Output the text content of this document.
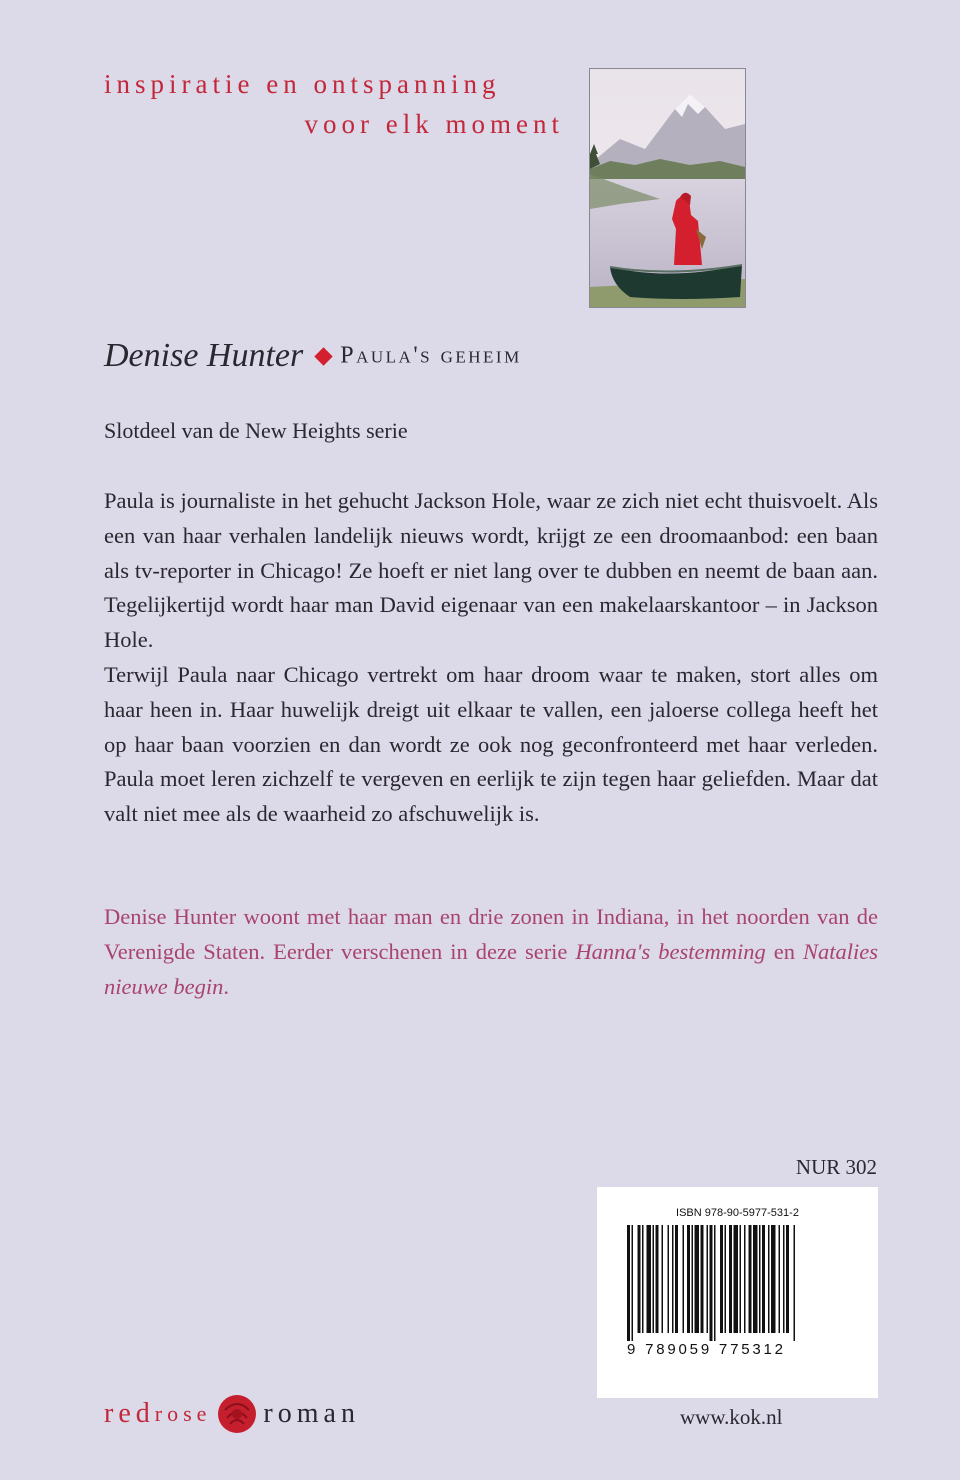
inspiratie en ontspanning
voor elk moment
Denise Hunter Paula's geheim
Slotdeel van de New Heights serie

Paula is journaliste in het gehucht Jackson Hole, waar ze zich niet echt thuisvoelt. Als een van haar verhalen landelijk nieuws wordt, krijgt ze een droomaanbod: een baan als tv-reporter in Chicago! Ze hoeft er niet lang over te dubben en neemt de baan aan. Tegelijkertijd wordt haar man David eigenaar van een makelaarskantoor – in Jackson Hole.

Terwijl Paula naar Chicago vertrekt om haar droom waar te maken, stort alles om haar heen in. Haar huwelijk dreigt uit elkaar te vallen, een jaloerse collega heeft het op haar baan voorzien en dan wordt ze ook nog geconfronteerd met haar verleden. Paula moet leren zichzelf te vergeven en eerlijk te zijn tegen haar geliefden. Maar dat valt niet mee als de waarheid zo afschuwelijk is.

Denise Hunter woont met haar man en drie zonen in Indiana, in het noorden van de Verenigde Staten. Eerder verschenen in deze serie Hanna's bestemming en Natalies nieuwe begin.
NUR 302
ISBN 978-90-5977-531-2
9 789059 775312
redrose roman	www.kok.nl
